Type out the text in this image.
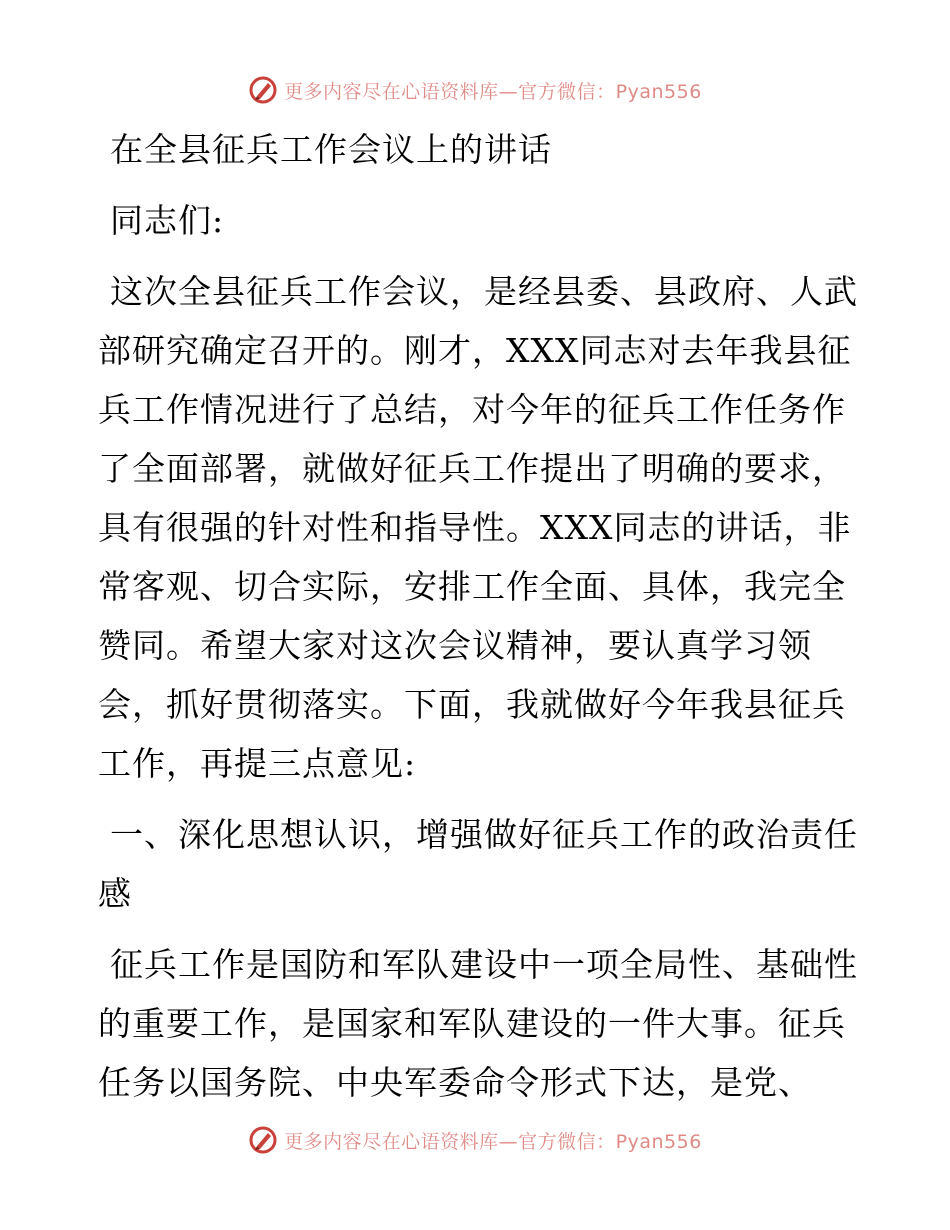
更多内容尽在心语资料库—官方微信：Pyan556

在全县征兵工作会议上的讲话

同志们:

这次全县征兵工作会议，是经县委、县政府、人武部研究确定召开的。刚才，XXX同志对去年我县征兵工作情况进行了总结，对今年的征兵工作任务作了全面部署，就做好征兵工作提出了明确的要求，具有很强的针对性和指导性。XXX同志的讲话，非常客观、切合实际，安排工作全面、具体，我完全赞同。希望大家对这次会议精神，要认真学习领会，抓好贯彻落实。下面，我就做好今年我县征兵工作，再提三点意见:

一、深化思想认识，增强做好征兵工作的政治责任感

征兵工作是国防和军队建设中一项全局性、基础性的重要工作，是国家和军队建设的一件大事。征兵任务以国务院、中央军委命令形式下达，是党、

更多内容尽在心语资料库—官方微信：Pyan556
